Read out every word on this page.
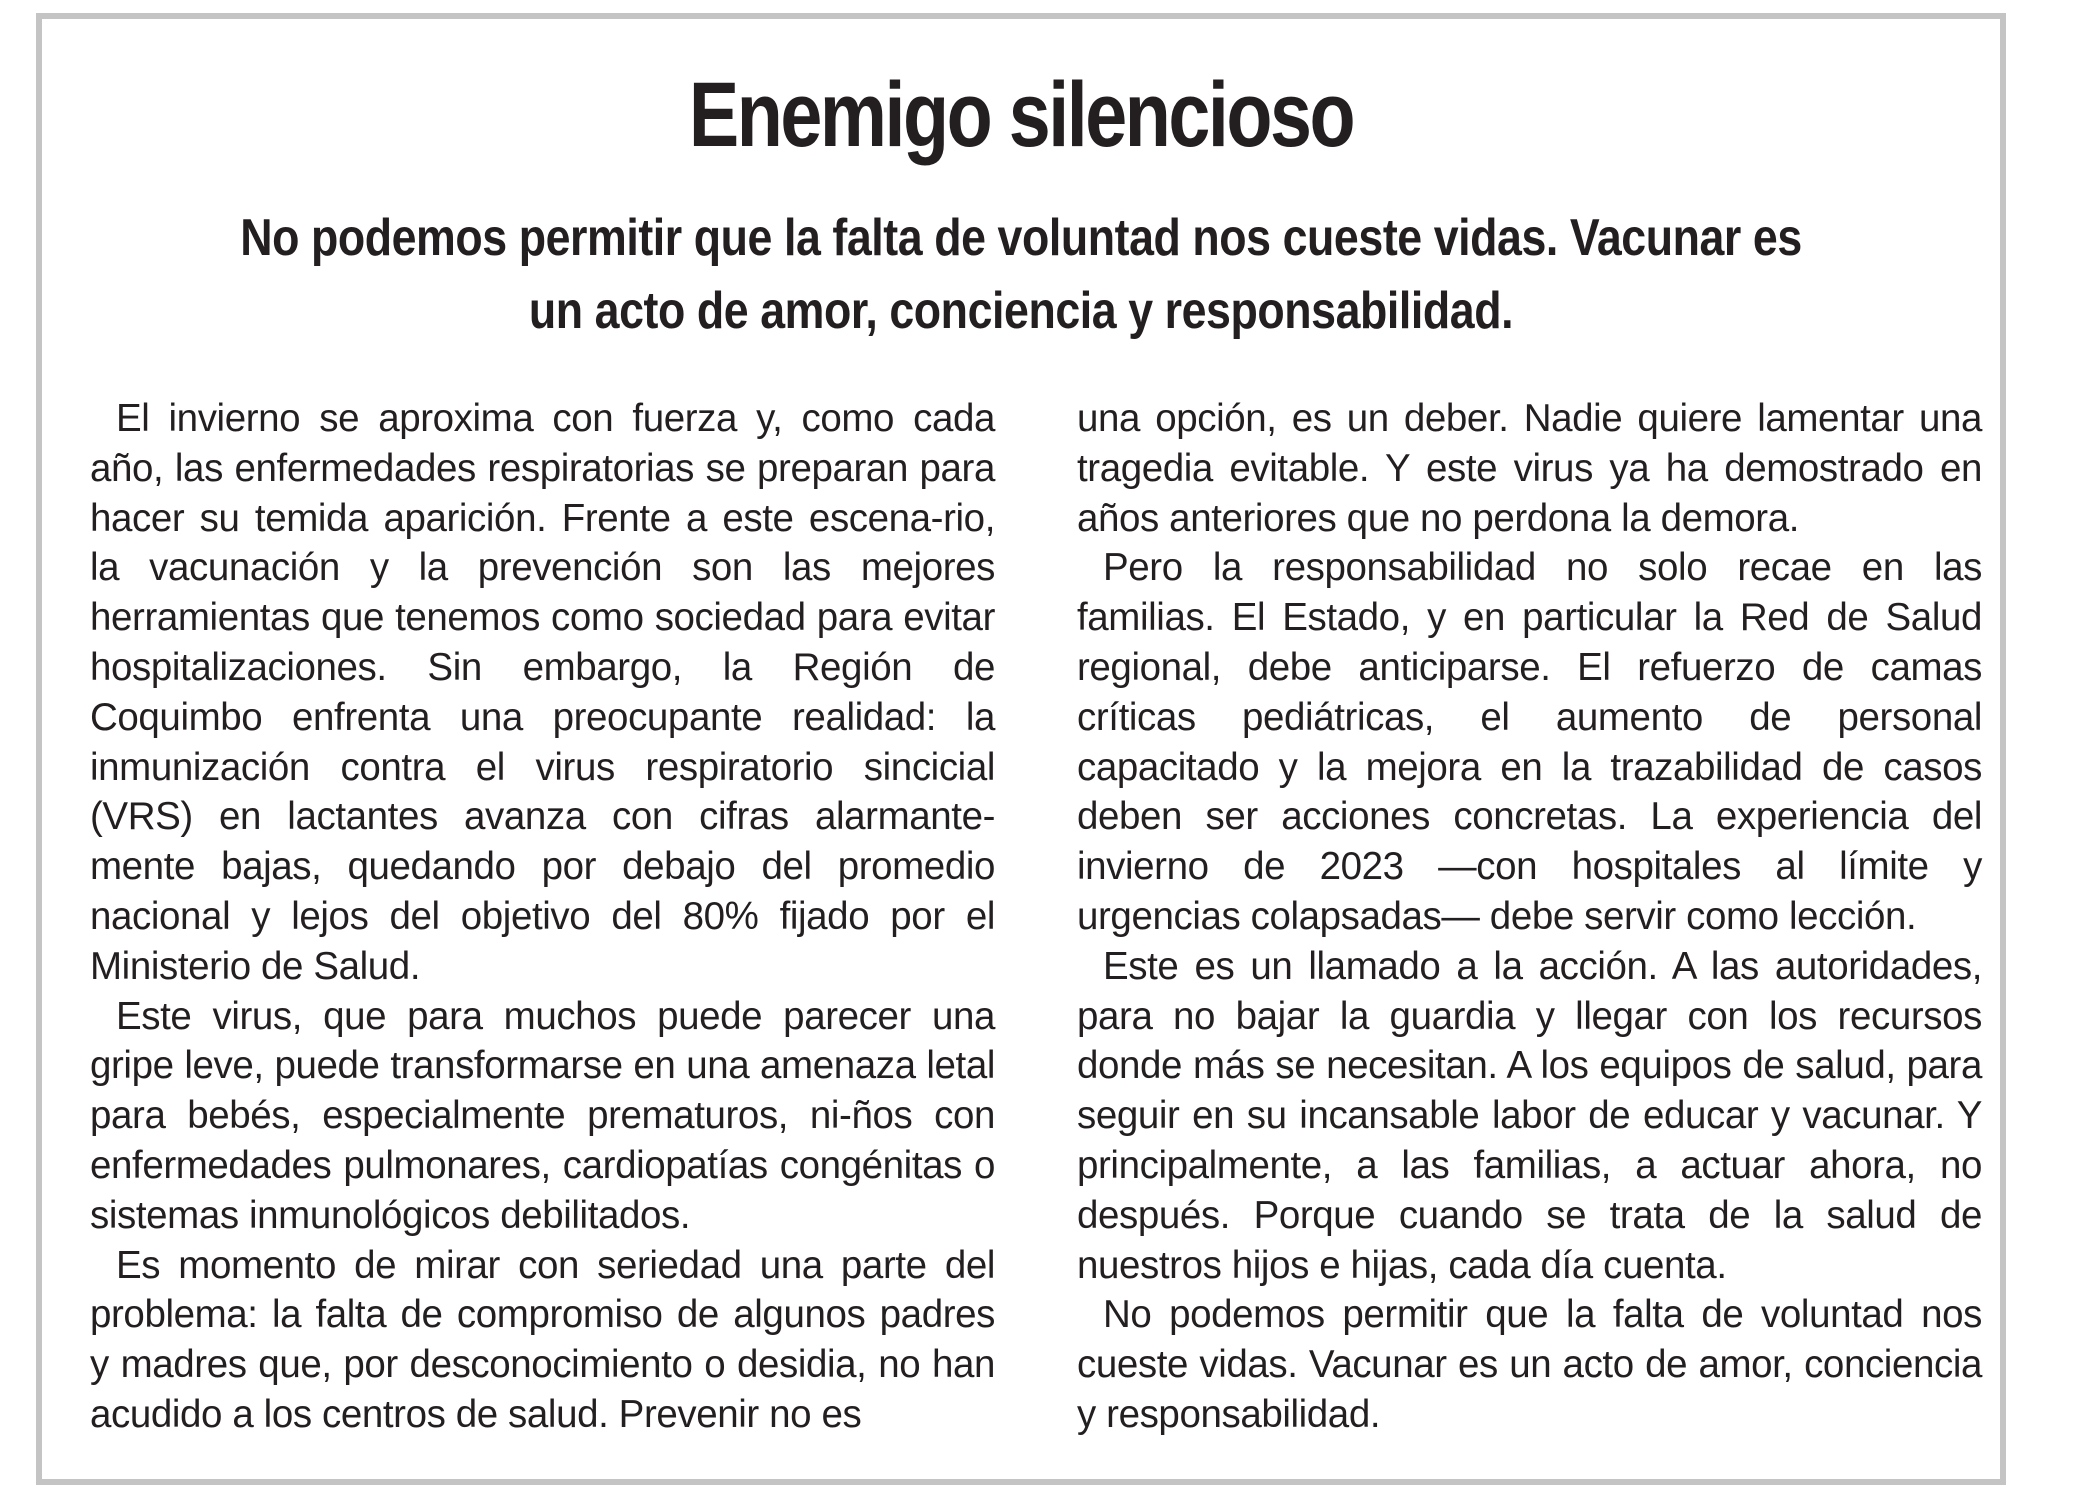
Enemigo silencioso
No podemos permitir que la falta de voluntad nos cueste vidas. Vacunar es un acto de amor, conciencia y responsabilidad.

El invierno se aproxima con fuerza y, como cada año, las enfermedades respiratorias se preparan para hacer su temida aparición. Frente a este escena-rio, la vacunación y la prevención son las mejores herramientas que tenemos como sociedad para evitar hospitalizaciones. Sin embargo, la Región de Coquimbo enfrenta una preocupante realidad: la inmunización contra el virus respiratorio sincicial (VRS) en lactantes avanza con cifras alarmante-mente bajas, quedando por debajo del promedio nacional y lejos del objetivo del 80% fijado por el Ministerio de Salud.

Este virus, que para muchos puede parecer una gripe leve, puede transformarse en una amenaza letal para bebés, especialmente prematuros, ni-ños con enfermedades pulmonares, cardiopatías congénitas o sistemas inmunológicos debilitados.

Es momento de mirar con seriedad una parte del problema: la falta de compromiso de algunos padres y madres que, por desconocimiento o desidia, no han acudido a los centros de salud. Prevenir no es

una opción, es un deber. Nadie quiere lamentar una tragedia evitable. Y este virus ya ha demostrado en años anteriores que no perdona la demora.

Pero la responsabilidad no solo recae en las familias. El Estado, y en particular la Red de Salud regional, debe anticiparse. El refuerzo de camas críticas pediátricas, el aumento de personal capacitado y la mejora en la trazabilidad de casos deben ser acciones concretas. La experiencia del invierno de 2023 —con hospitales al límite y urgencias colapsadas— debe servir como lección.

Este es un llamado a la acción. A las autoridades, para no bajar la guardia y llegar con los recursos donde más se necesitan. A los equipos de salud, para seguir en su incansable labor de educar y vacunar. Y principalmente, a las familias, a actuar ahora, no después. Porque cuando se trata de la salud de nuestros hijos e hijas, cada día cuenta.

No podemos permitir que la falta de voluntad nos cueste vidas. Vacunar es un acto de amor, conciencia y responsabilidad.
